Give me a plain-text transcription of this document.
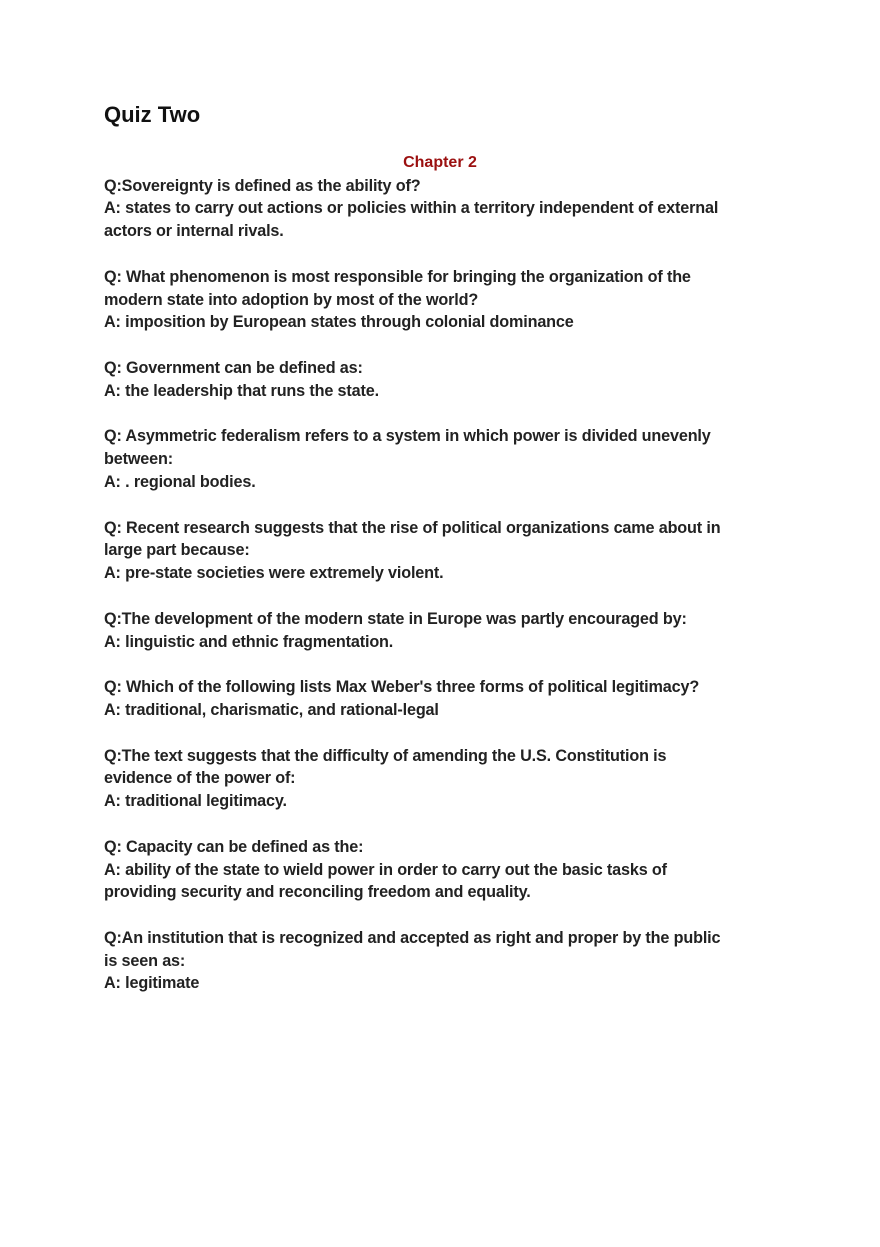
Quiz Two
Chapter 2
Q:Sovereignty is defined as the ability of?
A: states to carry out actions or policies within a territory independent of external
actors or internal rivals.
Q: What phenomenon is most responsible for bringing the organization of the
modern state into adoption by most of the world?
A: imposition by European states through colonial dominance
Q: Government can be defined as:
A: the leadership that runs the state.
Q: Asymmetric federalism refers to a system in which power is divided unevenly
between:
A: . regional bodies.
Q: Recent research suggests that the rise of political organizations came about in
large part because:
A: pre-state societies were extremely violent.
Q:The development of the modern state in Europe was partly encouraged by:
A: linguistic and ethnic fragmentation.
Q: Which of the following lists Max Weber's three forms of political legitimacy?
A: traditional, charismatic, and rational-legal
Q:The text suggests that the difficulty of amending the U.S. Constitution is
evidence of the power of:
A: traditional legitimacy.
Q: Capacity can be defined as the:
A: ability of the state to wield power in order to carry out the basic tasks of
providing security and reconciling freedom and equality.
Q:An institution that is recognized and accepted as right and proper by the public
is seen as:
A: legitimate
